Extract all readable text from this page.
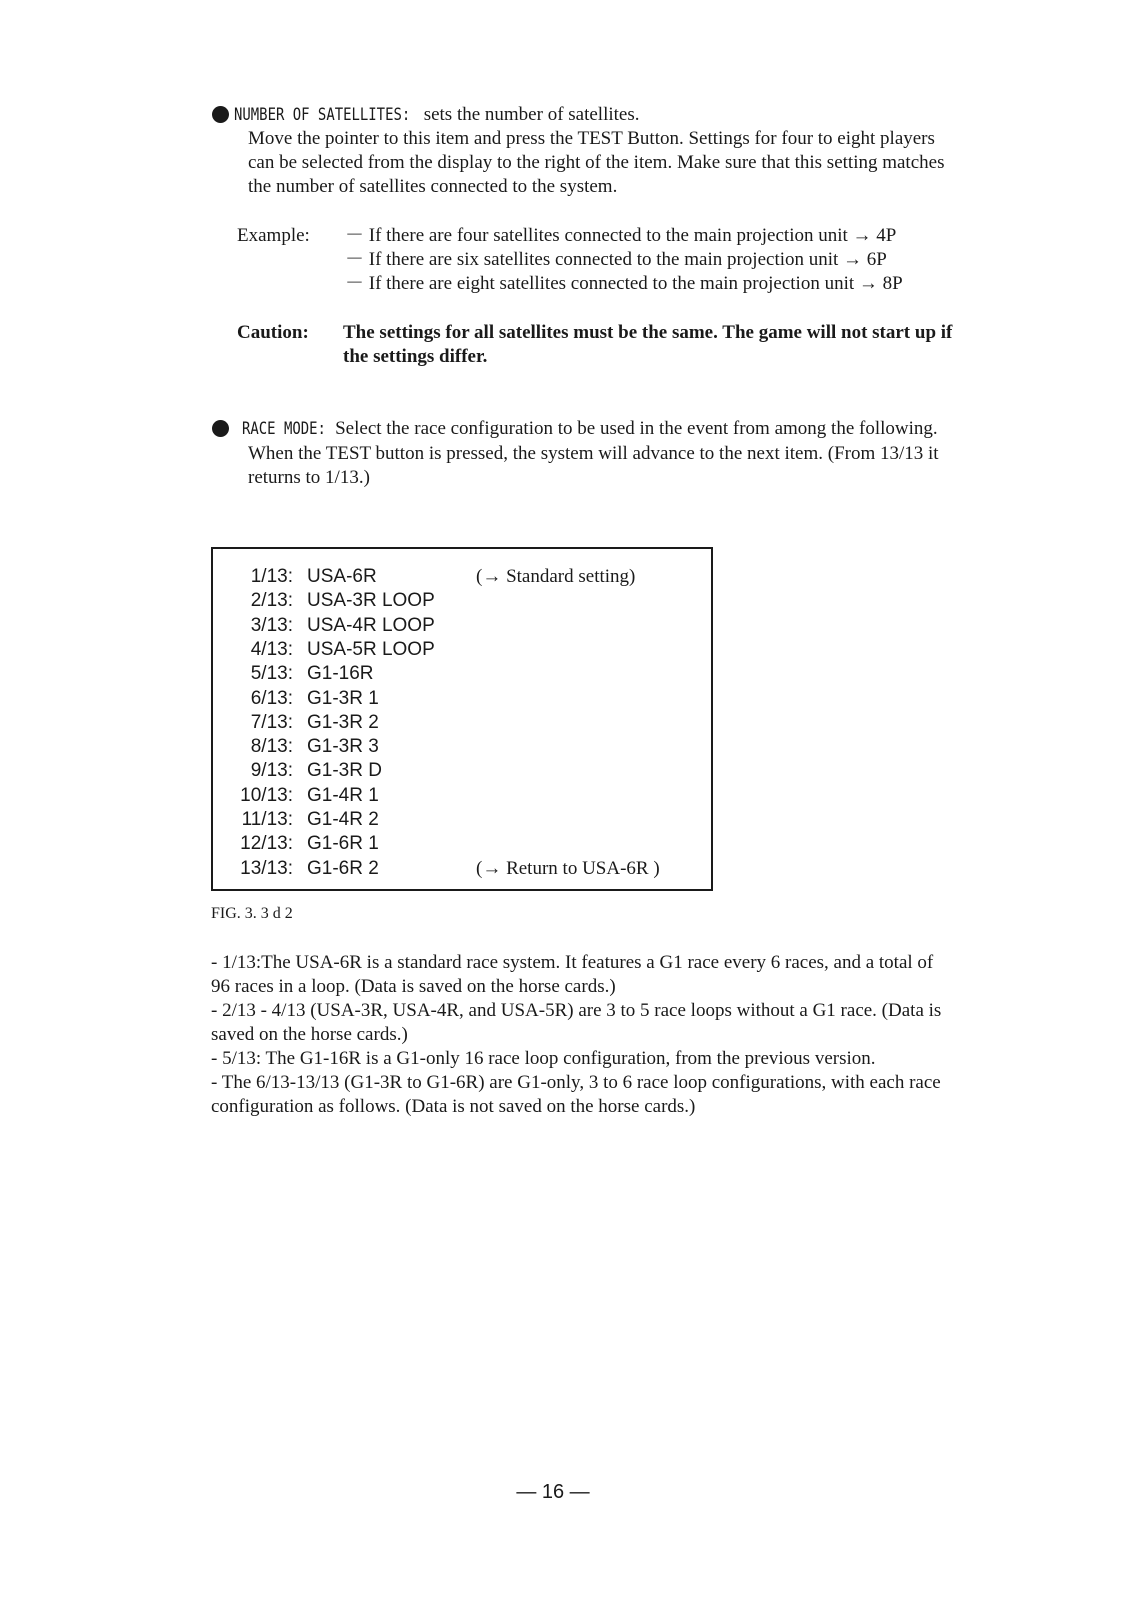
NUMBER OF SATELLITES: sets the number of satellites.
Move the pointer to this item and press the TEST Button. Settings for four to eight players
can be selected from the display to the right of the item. Make sure that this setting matches
the number of satellites connected to the system.
Example: － If there are four satellites connected to the main projection unit → 4P
－ If there are six satellites connected to the main projection unit → 6P
－ If there are eight satellites connected to the main projection unit → 8P
Caution: The settings for all satellites must be the same. The game will not start up if
the settings differ.
RACE MODE: Select the race configuration to be used in the event from among the following.
When the TEST button is pressed, the system will advance to the next item. (From 13/13 it
returns to 1/13.)
1/13: USA-6R	(→ Standard setting)
2/13: USA-3R LOOP
3/13: USA-4R LOOP
4/13: USA-5R LOOP
5/13: G1-16R
6/13: G1-3R 1
7/13: G1-3R 2
8/13: G1-3R 3
9/13: G1-3R D
10/13: G1-4R 1
11/13: G1-4R 2
12/13: G1-6R 1
13/13: G1-6R 2	(→ Return to USA-6R )
FIG. 3. 3 d 2
- 1/13:The USA-6R is a standard race system. It features a G1 race every 6 races, and a total of
96 races in a loop. (Data is saved on the horse cards.)
- 2/13 - 4/13 (USA-3R, USA-4R, and USA-5R) are 3 to 5 race loops without a G1 race. (Data is
saved on the horse cards.)
- 5/13: The G1-16R is a G1-only 16 race loop configuration, from the previous version.
- The 6/13-13/13 (G1-3R to G1-6R) are G1-only, 3 to 6 race loop configurations, with each race
configuration as follows. (Data is not saved on the horse cards.)
― 16 ―
